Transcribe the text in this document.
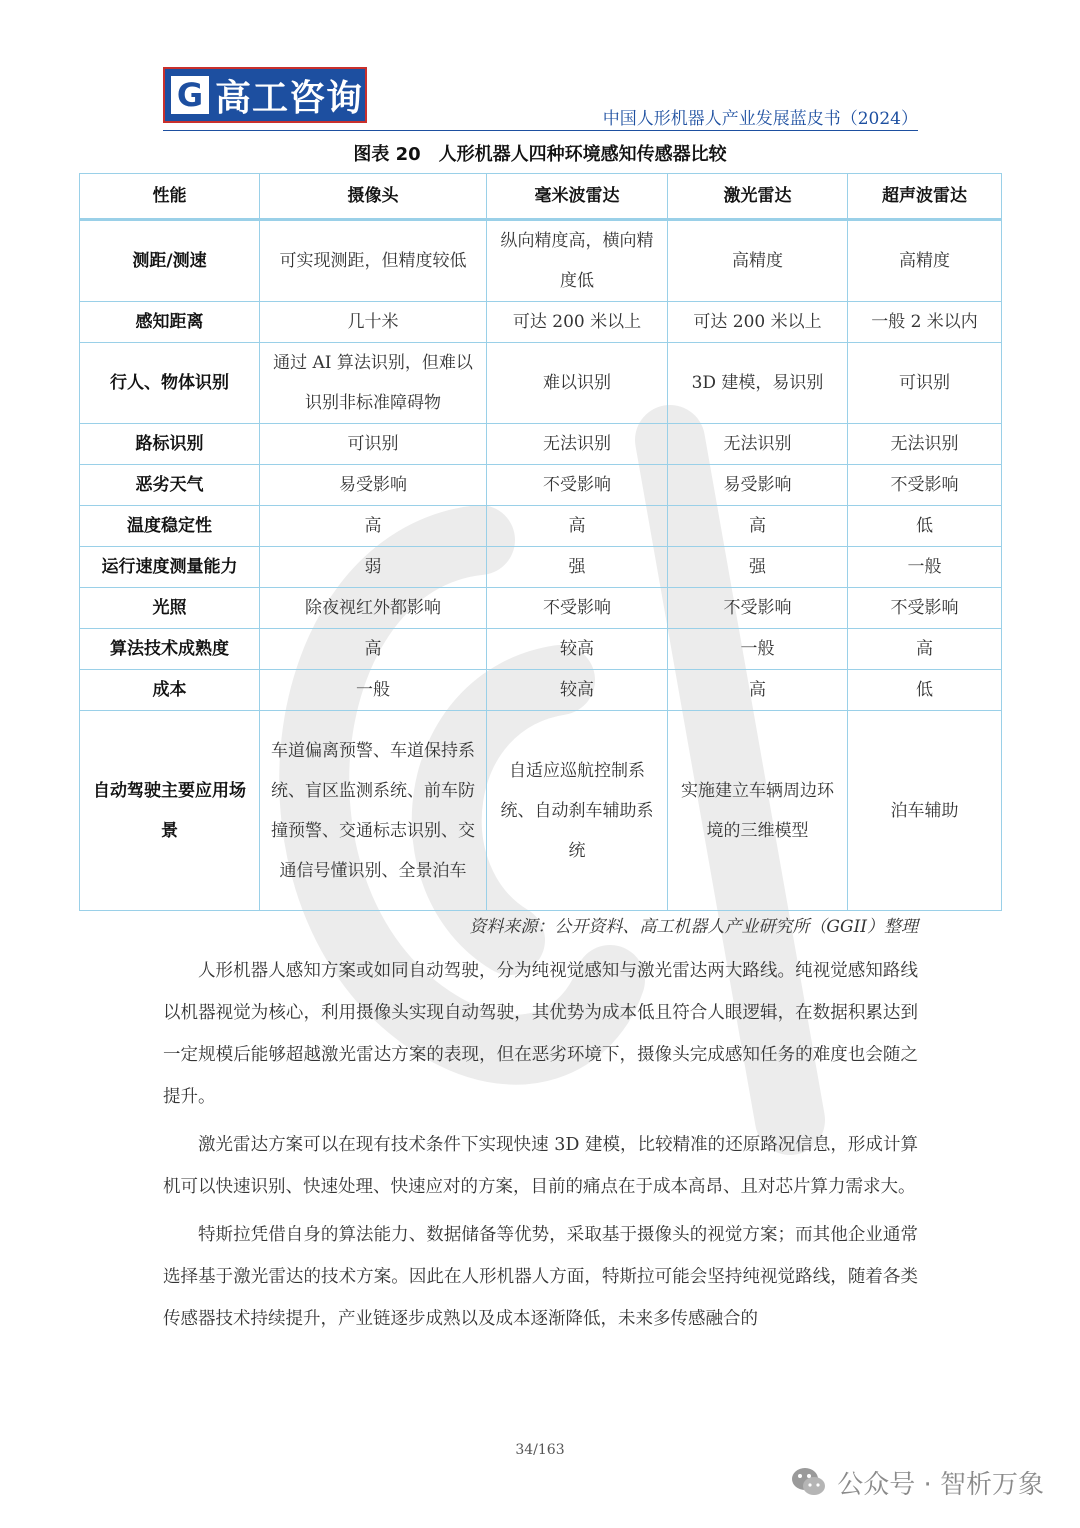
G 高工咨询
中国人形机器人产业发展蓝皮书（2024）
图表 20　人形机器人四种环境感知传感器比较
性能	摄像头	毫米波雷达	激光雷达	超声波雷达
测距/测速	可实现测距，但精度较低	纵向精度高，横向精度低	高精度	高精度
感知距离	几十米	可达 200 米以上	可达 200 米以上	一般 2 米以内
行人、物体识别	通过 AI 算法识别，但难以识别非标准障碍物	难以识别	3D 建模，易识别	可识别
路标识别	可识别	无法识别	无法识别	无法识别
恶劣天气	易受影响	不受影响	易受影响	不受影响
温度稳定性	高	高	高	低
运行速度测量能力	弱	强	强	一般
光照	除夜视红外都影响	不受影响	不受影响	不受影响
算法技术成熟度	高	较高	一般	高
成本	一般	较高	高	低
自动驾驶主要应用场景	车道偏离预警、车道保持系统、盲区监测系统、前车防撞预警、交通标志识别、交通信号懂识别、全景泊车	自适应巡航控制系统、自动刹车辅助系统	实施建立车辆周边环境的三维模型	泊车辅助
资料来源：公开资料、高工机器人产业研究所（GGII）整理

人形机器人感知方案或如同自动驾驶，分为纯视觉感知与激光雷达两大路线。纯视觉感知路线以机器视觉为核心，利用摄像头实现自动驾驶，其优势为成本低且符合人眼逻辑，在数据积累达到一定规模后能够超越激光雷达方案的表现，但在恶劣环境下，摄像头完成感知任务的难度也会随之提升。

激光雷达方案可以在现有技术条件下实现快速 3D 建模，比较精准的还原路况信息，形成计算机可以快速识别、快速处理、快速应对的方案，目前的痛点在于成本高昂、且对芯片算力需求大。

特斯拉凭借自身的算法能力、数据储备等优势，采取基于摄像头的视觉方案；而其他企业通常选择基于激光雷达的技术方案。因此在人形机器人方面，特斯拉可能会坚持纯视觉路线，随着各类传感器技术持续提升，产业链逐步成熟以及成本逐渐降低，未来多传感融合的

34/163
公众号 · 智析万象
